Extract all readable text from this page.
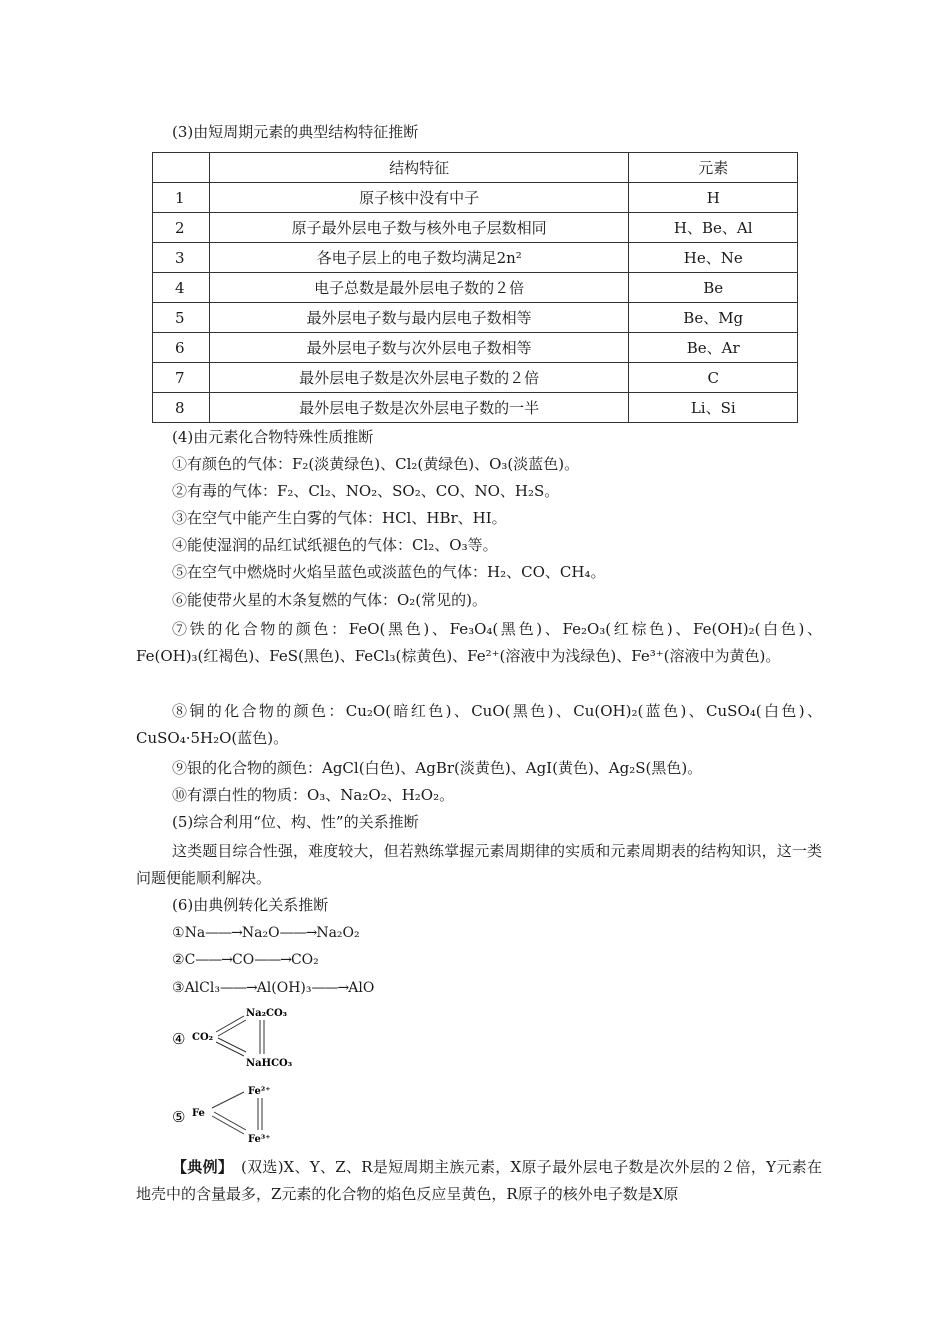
(3)由短周期元素的典型结构特征推断
	结构特征	元素
1	原子核中没有中子	H
2	原子最外层电子数与核外电子层数相同	H、Be、Al
3	各电子层上的电子数均满足2n²	He、Ne
4	电子总数是最外层电子数的２倍	Be
5	最外层电子数与最内层电子数相等	Be、Mg
6	最外层电子数与次外层电子数相等	Be、Ar
7	最外层电子数是次外层电子数的２倍	C
8	最外层电子数是次外层电子数的一半	Li、Si
(4)由元素化合物特殊性质推断
①有颜色的气体：F₂(淡黄绿色)、Cl₂(黄绿色)、O₃(淡蓝色)。
②有毒的气体：F₂、Cl₂、NO₂、SO₂、CO、NO、H₂S。
③在空气中能产生白雾的气体：HCl、HBr、HI。
④能使湿润的品红试纸褪色的气体：Cl₂、O₃等。
⑤在空气中燃烧时火焰呈蓝色或淡蓝色的气体：H₂、CO、CH₄。
⑥能使带火星的木条复燃的气体：O₂(常见的)。
⑦铁的化合物的颜色：FeO(黑色)、Fe₃O₄(黑色)、Fe₂O₃(红棕色)、Fe(OH)₂(白色)、Fe(OH)₃(红褐色)、FeS(黑色)、FeCl₃(棕黄色)、Fe²⁺(溶液中为浅绿色)、Fe³⁺(溶液中为黄色)。
⑧铜的化合物的颜色：Cu₂O(暗红色)、CuO(黑色)、Cu(OH)₂(蓝色)、CuSO₄(白色)、CuSO₄·5H₂O(蓝色)。
⑨银的化合物的颜色：AgCl(白色)、AgBr(淡黄色)、AgI(黄色)、Ag₂S(黑色)。
⑩有漂白性的物质：O₃、Na₂O₂、H₂O₂。
(5)综合利用“位、构、性”的关系推断
这类题目综合性强，难度较大，但若熟练掌握元素周期律的实质和元素周期表的结构知识，这一类问题便能顺利解决。
(6)由典例转化关系推断
①Na——→Na₂O——→Na₂O₂
②C——→CO——→CO₂
③AlCl₃——→Al(OH)₃——→AlO
④ CO₂
Na₂CO₃
NaHCO₃
⑤ Fe
Fe²⁺
Fe³⁺
【典例】　 (双选)X、Y、Z、R是短周期主族元素，X原子最外层电子数是次外层的２倍，Y元素在地壳中的含量最多，Z元素的化合物的焰色反应呈黄色，R原子的核外电子数是X原
